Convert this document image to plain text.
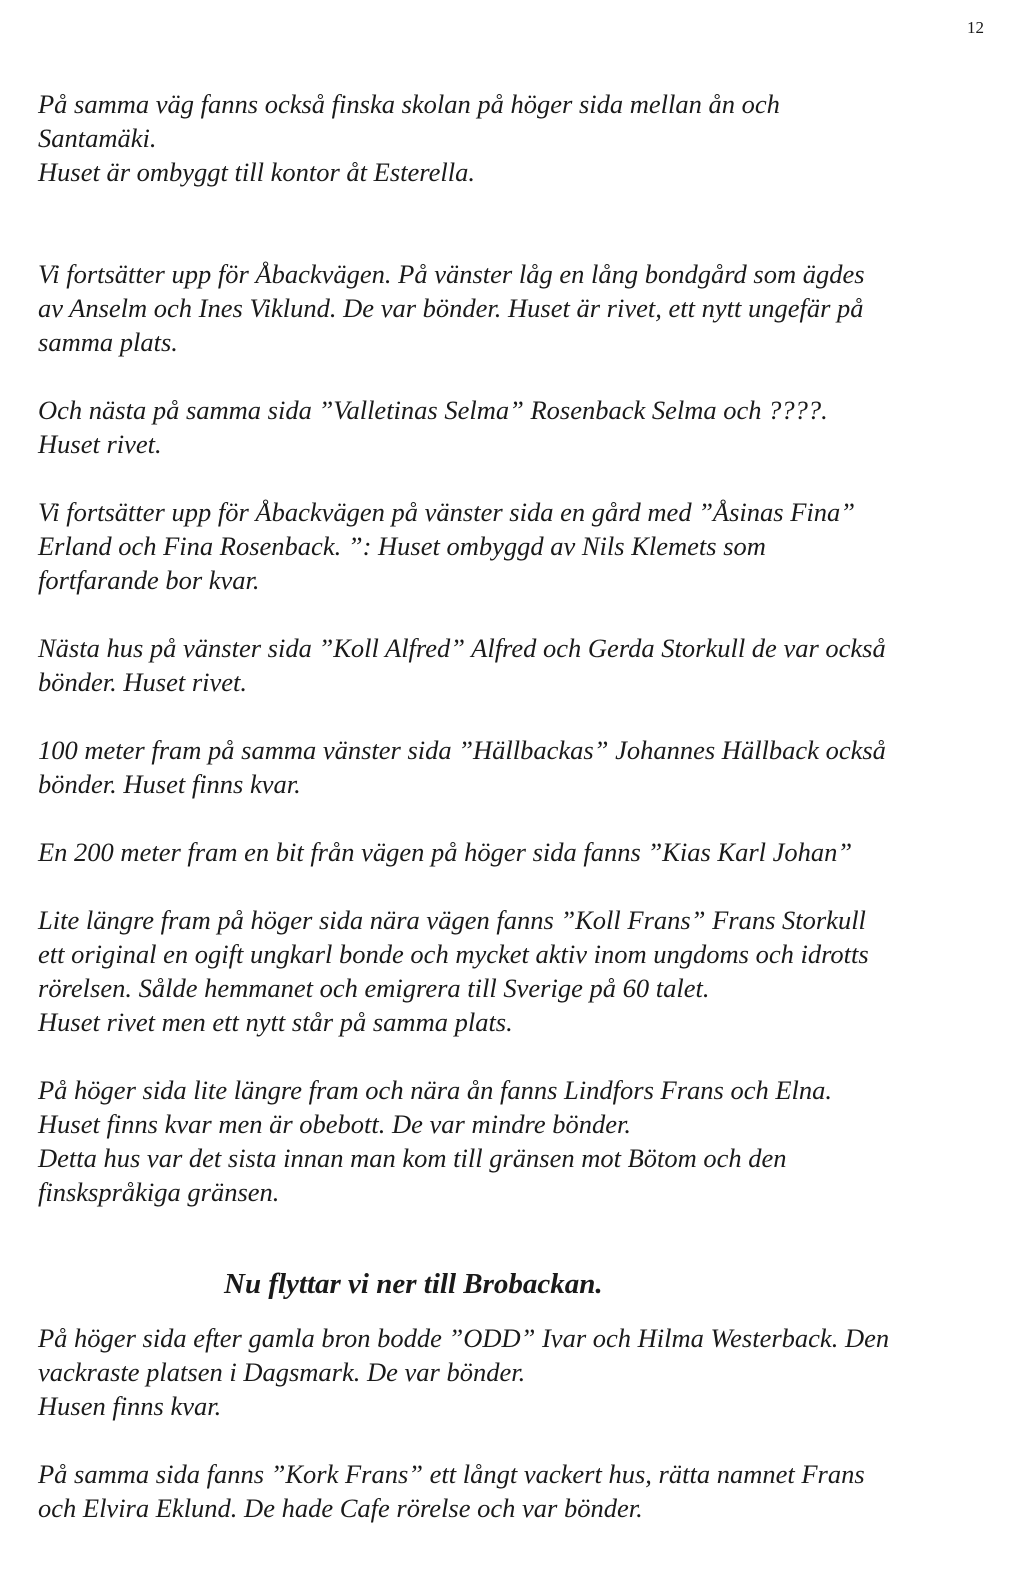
12
På samma väg fanns också finska skolan på höger sida mellan ån och
Santamäki.
Huset är ombyggt till kontor åt Esterella.
Vi fortsätter upp för Åbackvägen. På vänster låg en lång bondgård som ägdes
av Anselm och Ines Viklund. De var bönder. Huset är rivet, ett nytt ungefär på
samma plats.
Och nästa på samma sida ”Valletinas Selma” Rosenback Selma och ????.
Huset rivet.
Vi fortsätter upp för Åbackvägen på vänster sida en gård med ”Åsinas Fina”
Erland och Fina Rosenback. ”: Huset ombyggd av Nils Klemets som
fortfarande bor kvar.
Nästa hus på vänster sida ”Koll Alfred” Alfred och Gerda Storkull de var också
bönder. Huset rivet.
100 meter fram på samma vänster sida ”Hällbackas” Johannes Hällback också
bönder. Huset finns kvar.
En 200 meter fram en bit från vägen på höger sida fanns ”Kias Karl Johan”
Lite längre fram på höger sida nära vägen fanns ”Koll Frans” Frans Storkull
ett original en ogift ungkarl bonde och mycket aktiv inom ungdoms och idrotts
rörelsen. Sålde hemmanet och emigrera till Sverige på 60 talet.
Huset rivet men ett nytt står på samma plats.
På höger sida lite längre fram och nära ån fanns Lindfors Frans och Elna.
Huset finns kvar men är obebott. De var mindre bönder.
Detta hus var det sista innan man kom till gränsen mot Bötom och den
finskspråkiga gränsen.
Nu flyttar vi ner till Brobackan.
På höger sida efter gamla bron bodde ”ODD” Ivar och Hilma Westerback. Den
vackraste platsen i Dagsmark. De var bönder.
Husen finns kvar.
På samma sida fanns ”Kork Frans” ett långt vackert hus, rätta namnet Frans
och Elvira Eklund. De hade Cafe rörelse och var bönder.
